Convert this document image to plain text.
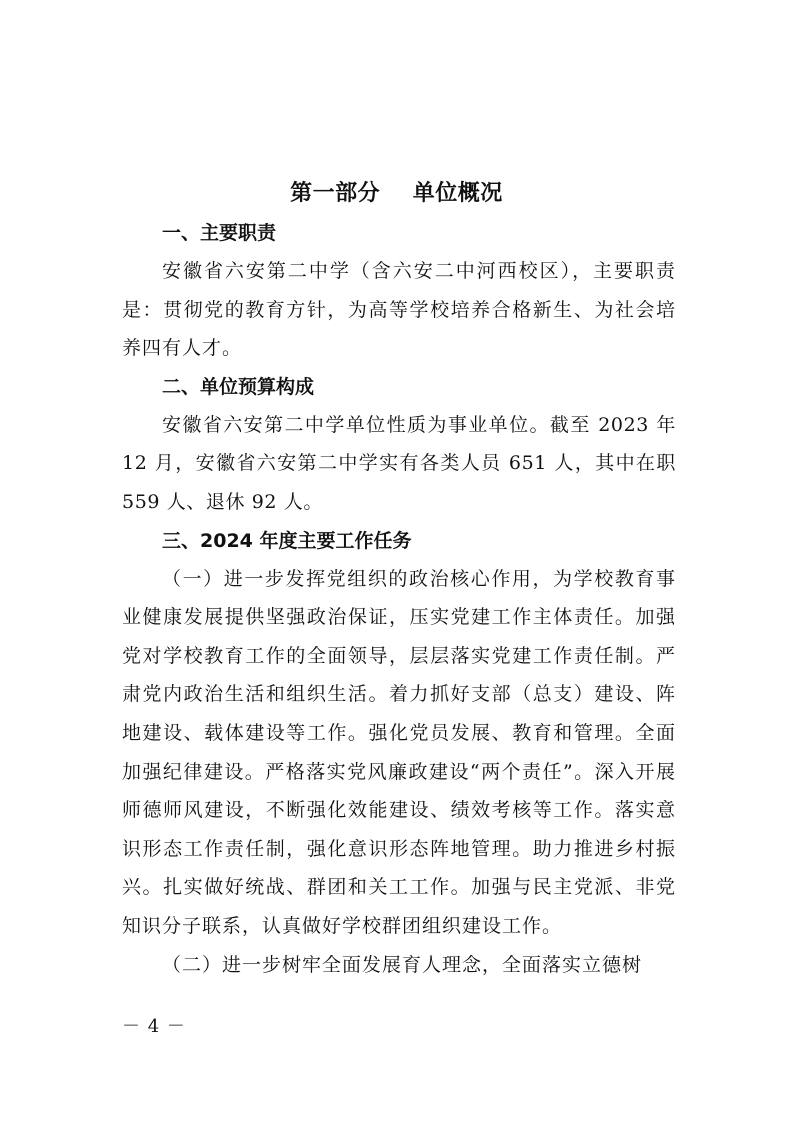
第一部分    单位概况

一、主要职责

安徽省六安第二中学（含六安二中河西校区），主要职责是：贯彻党的教育方针，为高等学校培养合格新生、为社会培养四有人才。

二、单位预算构成

安徽省六安第二中学单位性质为事业单位。截至 2023 年 12 月，安徽省六安第二中学实有各类人员 651 人，其中在职 559 人、退休 92 人。

三、2024 年度主要工作任务

（一）进一步发挥党组织的政治核心作用，为学校教育事业健康发展提供坚强政治保证，压实党建工作主体责任。加强党对学校教育工作的全面领导，层层落实党建工作责任制。严肃党内政治生活和组织生活。着力抓好支部（总支）建设、阵地建设、载体建设等工作。强化党员发展、教育和管理。全面加强纪律建设。严格落实党风廉政建设“两个责任”。深入开展师德师风建设，不断强化效能建设、绩效考核等工作。落实意识形态工作责任制，强化意识形态阵地管理。助力推进乡村振兴。扎实做好统战、群团和关工工作。加强与民主党派、非党知识分子联系，认真做好学校群团组织建设工作。

（二）进一步树牢全面发展育人理念，全面落实立德树

－ 4 －
